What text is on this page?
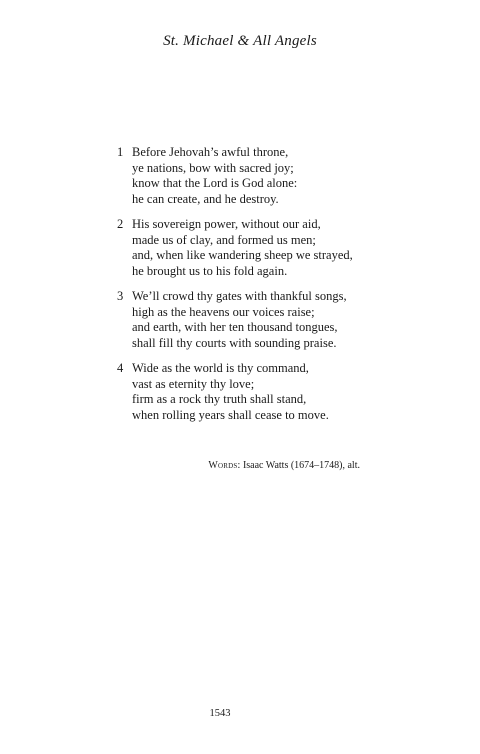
St. Michael & All Angels
1 Before Jehovah’s awful throne,
ye nations, bow with sacred joy;
know that the Lord is God alone:
he can create, and he destroy.
2 His sovereign power, without our aid,
made us of clay, and formed us men;
and, when like wandering sheep we strayed,
he brought us to his fold again.
3 We’ll crowd thy gates with thankful songs,
high as the heavens our voices raise;
and earth, with her ten thousand tongues,
shall fill thy courts with sounding praise.
4 Wide as the world is thy command,
vast as eternity thy love;
firm as a rock thy truth shall stand,
when rolling years shall cease to move.
Words: Isaac Watts (1674–1748), alt.
1543
